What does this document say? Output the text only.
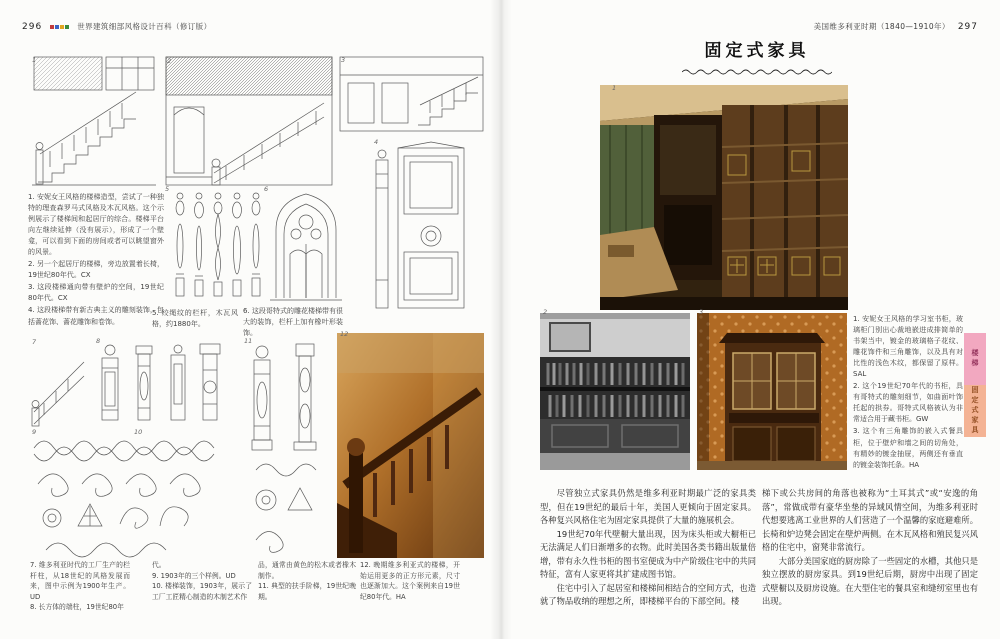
296	世界建筑细部风格设计百科（修订版）

1. 安妮女王风格的楼梯造型，尝试了一种独特的理查森罗马式风格及木瓦风格。这个示例展示了楼梯间和起居厅的综合。楼梯平台向左继续延伸（没有展示），形成了一个壁龛，可以看到下面的房间或者可以眺望窗外的风景。

2. 另一个起居厅的楼梯，旁边放置着长椅，19世纪80年代。CX

3. 这段楼梯通向带有壁炉的空间，19世纪80年代。CX

4. 这段楼梯带有新古典主义的雕刻装饰，包括蔷花饰、蔷花雕饰和卷饰。

5. 绞绳纹的栏杆，木瓦风格，约1880年。

6. 这段哥特式的雕花楼梯带有很大的装饰，栏杆上加有橡叶形装饰。

7. 维多利亚时代的工厂生产的栏杆柱，从18世纪的风格发展而来，图中示例为1900年生产。UD

8. 长方体的端柱，19世纪80年

代。

9. 1903年的三个样例。UD

10. 楼梯装饰，1903年，展示了工厂工匠精心制造的木制艺术作

品，通常由黄色的松木或者橡木制作。

11. 典型的扶手阶梯，19世纪晚期。

12. 晚期维多利亚式的楼梯，开始运用更多的正方形元素，尺寸也逐渐加大。这个案例来自19世纪80年代。HA

1	2	3
4
5	6
7	8
9	10
11
12
美国维多利亚时期（1840—1910年） 297
固定式家具

1. 安妮女王风格的学习室书柜，玻璃柜门别出心裁地嵌进成排简单的书架当中，镀金的玻璃格子花纹、雕花饰件和三角雕饰，以及具有对比性的浅色木纹，都保留了原样。SAL

2. 这个19世纪70年代的书柜，具有哥特式的雕刻细节，如曲面叶饰托起的拱券。哥特式风格被认为非常适合用于藏书柜。GW

3. 这个有三角雕饰的嵌入式餐具柜，位于壁炉和墙之间的切角处，有精妙的镀金抽屉，两侧还有垂直的镀金装饰托条。HA

1
2	3

尽管独立式家具仍然是维多利亚时期最广泛的家具类型，但在19世纪的最后十年，美国人更倾向于固定家具。各种复兴风格住宅为固定家具提供了大量的施展机会。

19世纪70年代壁橱大量出现，因为床头柜或大橱柜已无法满足人们日渐增多的衣物。此时美国各类书籍出版量倍增，带有永久性书柜的图书室便成为中产阶级住宅中的共同特征，富有人家更将其扩建成图书馆。

住宅中引入了起居室和楼梯间相结合的空间方式，也造就了物品收纳的理想之所，即楼梯平台的下部空间。楼

梯下或公共房间的角落也被称为“土耳其式”或“安逸的角落”，常做成带有豪华坐垫的异域风情空间，为维多利亚时代想要逃离工业世界的人们营造了一个温馨的家庭避难所。长椅和炉边凳会固定在壁炉两侧。在木瓦风格和殖民复兴风格的住宅中，窗凳非常流行。

大部分美国家庭的厨房除了一些固定的水槽，其他只是独立摆放的厨房家具。到19世纪后期，厨房中出现了固定式壁橱以及厨房设施。在大型住宅的餐具室和缝纫室里也有出现。

楼梯
固定式家具
